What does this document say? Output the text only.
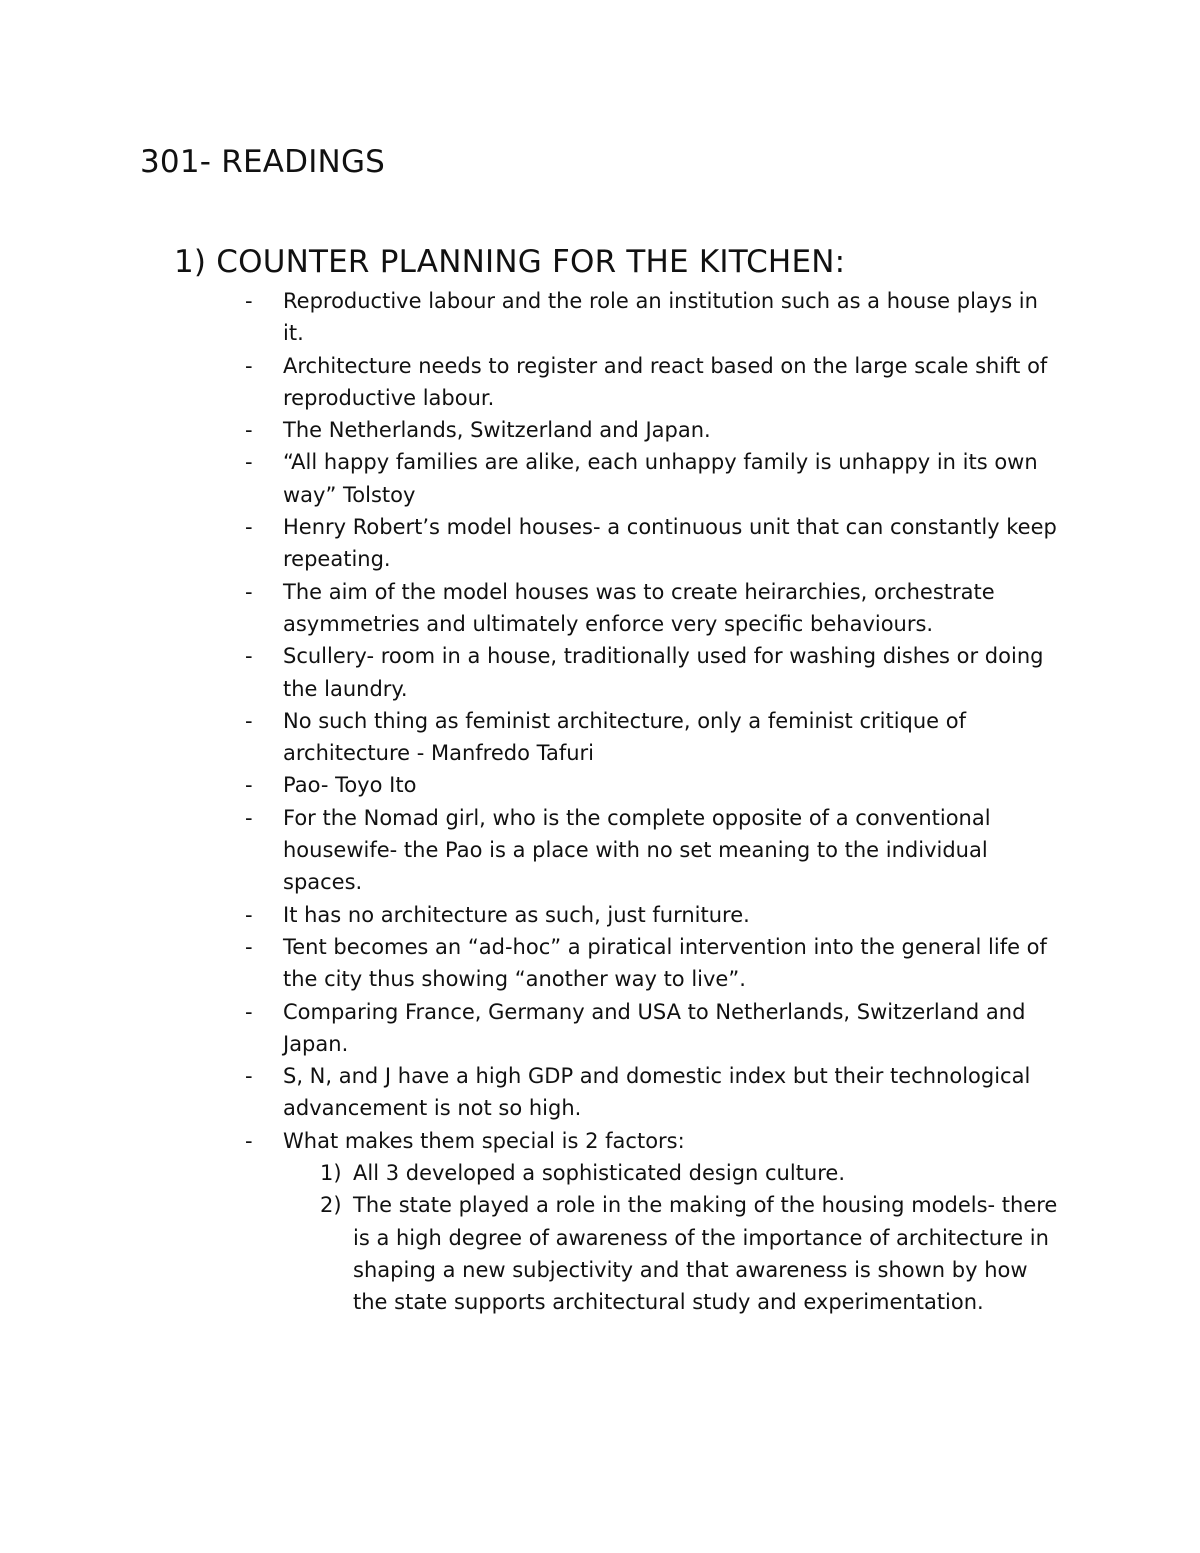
301- READINGS
1) COUNTER PLANNING FOR THE KITCHEN:
- Reproductive labour and the role an institution such as a house plays in it.
- Architecture needs to register and react based on the large scale shift of reproductive labour.
- The Netherlands, Switzerland and Japan.
- “All happy families are alike, each unhappy family is unhappy in its own way” Tolstoy
- Henry Robert’s model houses- a continuous unit that can constantly keep repeating.
- The aim of the model houses was to create heirarchies, orchestrate asymmetries and ultimately enforce very specific behaviours.
- Scullery- room in a house, traditionally used for washing dishes or doing the laundry.
- No such thing as feminist architecture, only a feminist critique of architecture - Manfredo Tafuri
- Pao- Toyo Ito
- For the Nomad girl, who is the complete opposite of a conventional housewife- the Pao is a place with no set meaning to the individual spaces.
- It has no architecture as such, just furniture.
- Tent becomes an “ad-hoc” a piratical intervention into the general life of the city thus showing “another way to live”.
- Comparing France, Germany and USA to Netherlands, Switzerland and Japan.
- S, N, and J have a high GDP and domestic index but their technological advancement is not so high.
- What makes them special is 2 factors:
1) All 3 developed a sophisticated design culture.
2) The state played a role in the making of the housing models- there is a high degree of awareness of the importance of architecture in shaping a new subjectivity and that awareness is shown by how the state supports architectural study and experimentation.
